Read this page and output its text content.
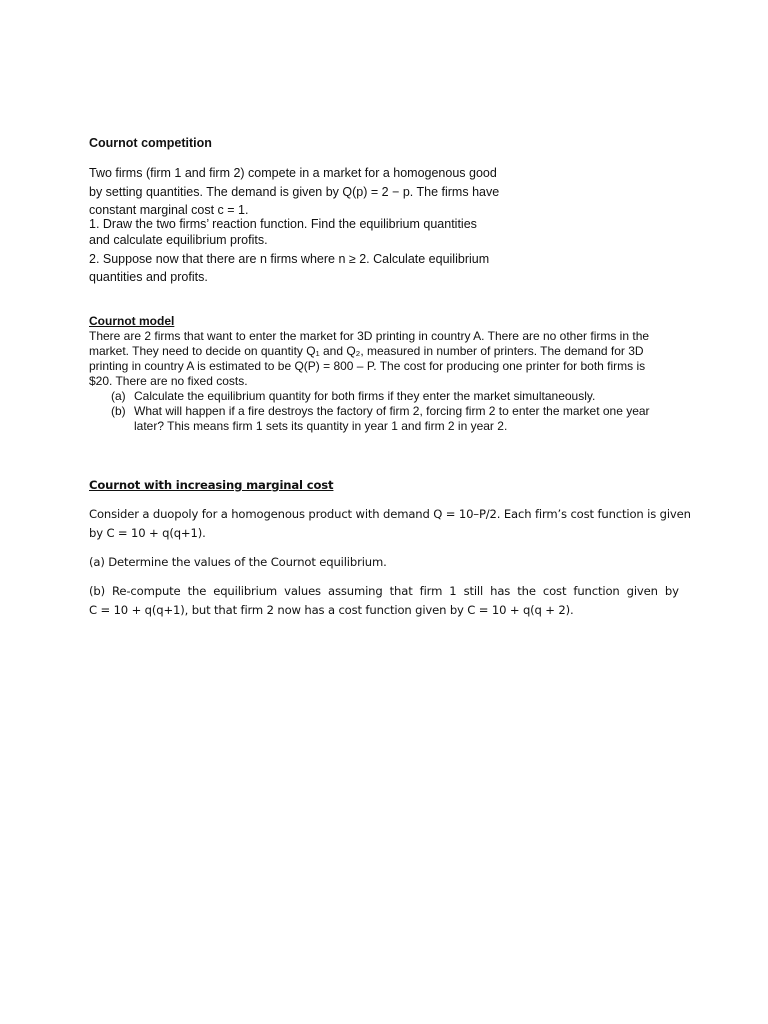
Cournot competition
Two firms (firm 1 and firm 2) compete in a market for a homogenous good
by setting quantities. The demand is given by Q(p) = 2 − p. The firms have
constant marginal cost c = 1.
1. Draw the two firms’ reaction function. Find the equilibrium quantities
and calculate equilibrium profits.
2. Suppose now that there are n firms where n ≥ 2. Calculate equilibrium
quantities and profits.
Cournot model
There are 2 firms that want to enter the market for 3D printing in country A. There are no other firms in the
market. They need to decide on quantity Q₁ and Q₂, measured in number of printers. The demand for 3D
printing in country A is estimated to be Q(P) = 800 – P. The cost for producing one printer for both firms is
$20. There are no fixed costs.
(a) Calculate the equilibrium quantity for both firms if they enter the market simultaneously.
(b) What will happen if a fire destroys the factory of firm 2, forcing firm 2 to enter the market one year
later? This means firm 1 sets its quantity in year 1 and firm 2 in year 2.
Cournot with increasing marginal cost
Consider a duopoly for a homogenous product with demand Q = 10–P/2. Each firm’s cost function is given
by C = 10 + q(q+1).
(a) Determine the values of the Cournot equilibrium.
(b) Re-compute the equilibrium values assuming that firm 1 still has the cost function given by
C = 10 + q(q+1), but that firm 2 now has a cost function given by C = 10 + q(q + 2).
